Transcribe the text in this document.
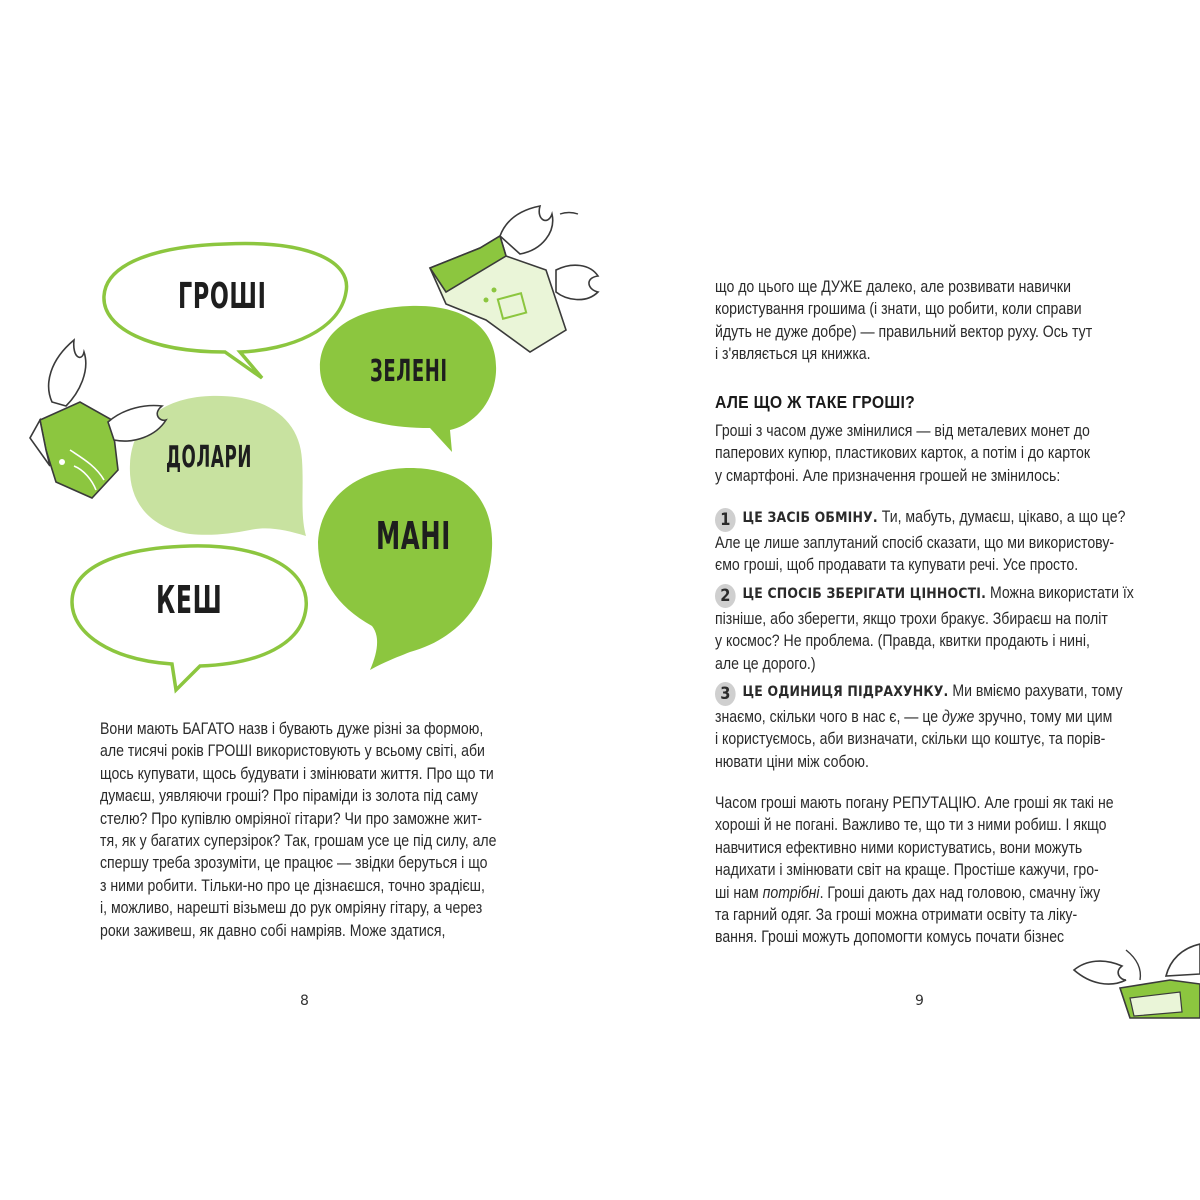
ГРОШІ
ЗЕЛЕНІ
ДОЛАРИ
МАНІ
КЕШ

Вони мають БАГАТО назв і бувають дуже різні за формою,

але тисячі років ГРОШІ використовують у всьому світі, аби

щось купувати, щось будувати і змінювати життя. Про що ти

думаєш, уявляючи гроші? Про піраміди із золота під саму

стелю? Про купівлю омріяної гітари? Чи про заможне жит-

тя, як у багатих суперзірок? Так, грошам усе це під силу, але

спершу треба зрозуміти, це працює — звідки беруться і що

з ними робити. Тільки-но про це дізнаєшся, точно зрадієш,

і, можливо, нарешті візьмеш до рук омріяну гітару, а через

роки заживеш, як давно собі намріяв. Може здатися,

8

що до цього ще ДУЖЕ далеко, але розвивати навички

користування грошима (і знати, що робити, коли справи

йдуть не дуже добре) — правильний вектор руху. Ось тут

і з'являється ця книжка.

АЛЕ ЩО Ж ТАКЕ ГРОШІ?

Гроші з часом дуже змінилися — від металевих монет до

паперових купюр, пластикових карток, а потім і до карток

у смартфоні. Але призначення грошей не змінилось:

1 ЦЕ ЗАСІБ ОБМІНУ. Ти, мабуть, думаєш, цікаво, а що це?

Але це лише заплутаний спосіб сказати, що ми використову-

ємо гроші, щоб продавати та купувати речі. Усе просто.

2 ЦЕ СПОСІБ ЗБЕРІГАТИ ЦІННОСТІ. Можна використати їх

пізніше, або зберегти, якщо трохи бракує. Збираєш на політ

у космос? Не проблема. (Правда, квитки продають і нині,

але це дорого.)

3 ЦЕ ОДИНИЦЯ ПІДРАХУНКУ. Ми вміємо рахувати, тому

знаємо, скільки чого в нас є, — це дуже зручно, тому ми цим

і користуємось, аби визначати, скільки що коштує, та порів-

нювати ціни між собою.

Часом гроші мають погану РЕПУТАЦІЮ. Але гроші як такі не

хороші й не погані. Важливо те, що ти з ними робиш. І якщо

навчитися ефективно ними користуватись, вони можуть

надихати і змінювати світ на краще. Простіше кажучи, гро-

ші нам потрібні. Гроші дають дах над головою, смачну їжу

та гарний одяг. За гроші можна отримати освіту та ліку-

вання. Гроші можуть допомогти комусь почати бізнес

9
